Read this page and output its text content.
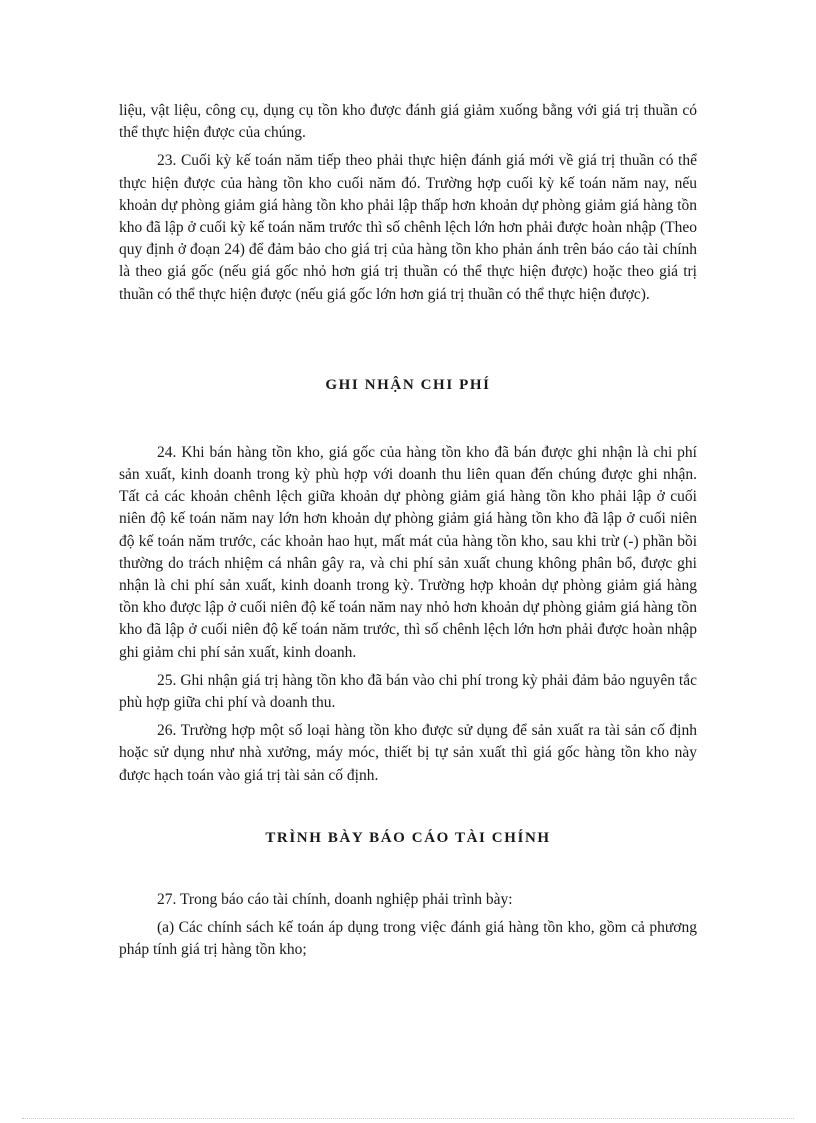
liệu, vật liệu, công cụ, dụng cụ tồn kho được đánh giá giảm xuống bằng với giá trị thuần có thể thực hiện được của chúng.

23. Cuối kỳ kế toán năm tiếp theo phải thực hiện đánh giá mới về giá trị thuần có thể thực hiện được của hàng tồn kho cuối năm đó. Trường hợp cuối kỳ kế toán năm nay, nếu khoản dự phòng giảm giá hàng tồn kho phải lập thấp hơn khoản dự phòng giảm giá hàng tồn kho đã lập ở cuối kỳ kế toán năm trước thì số chênh lệch lớn hơn phải được hoàn nhập (Theo quy định ở đoạn 24) để đảm bảo cho giá trị của hàng tồn kho phản ánh trên báo cáo tài chính là theo giá gốc (nếu giá gốc nhỏ hơn giá trị thuần có thể thực hiện được) hoặc theo giá trị thuần có thể thực hiện được (nếu giá gốc lớn hơn giá trị thuần có thể thực hiện được).

GHI NHẬN CHI PHÍ

24. Khi bán hàng tồn kho, giá gốc của hàng tồn kho đã bán được ghi nhận là chi phí sản xuất, kinh doanh trong kỳ phù hợp với doanh thu liên quan đến chúng được ghi nhận. Tất cả các khoản chênh lệch giữa khoản dự phòng giảm giá hàng tồn kho phải lập ở cuối niên độ kế toán năm nay lớn hơn khoản dự phòng giảm giá hàng tồn kho đã lập ở cuối niên độ kế toán năm trước, các khoản hao hụt, mất mát của hàng tồn kho, sau khi trừ (-) phần bồi thường do trách nhiệm cá nhân gây ra, và chi phí sản xuất chung không phân bổ, được ghi nhận là chi phí sản xuất, kinh doanh trong kỳ. Trường hợp khoản dự phòng giảm giá hàng tồn kho được lập ở cuối niên độ kế toán năm nay nhỏ hơn khoản dự phòng giảm giá hàng tồn kho đã lập ở cuối niên độ kế toán năm trước, thì số chênh lệch lớn hơn phải được hoàn nhập ghi giảm chi phí sản xuất, kinh doanh.

25. Ghi nhận giá trị hàng tồn kho đã bán vào chi phí trong kỳ phải đảm bảo nguyên tắc phù hợp giữa chi phí và doanh thu.

26. Trường hợp một số loại hàng tồn kho được sử dụng để sản xuất ra tài sản cố định hoặc sử dụng như nhà xưởng, máy móc, thiết bị tự sản xuất thì giá gốc hàng tồn kho này được hạch toán vào giá trị tài sản cố định.

TRÌNH BÀY BÁO CÁO TÀI CHÍNH

27. Trong báo cáo tài chính, doanh nghiệp phải trình bày:

(a) Các chính sách kế toán áp dụng trong việc đánh giá hàng tồn kho, gồm cả phương pháp tính giá trị hàng tồn kho;
